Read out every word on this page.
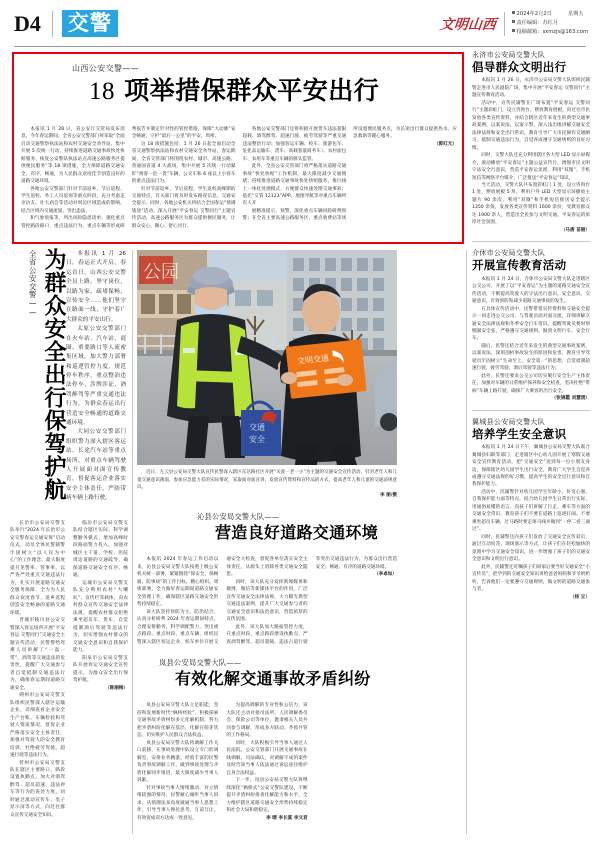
D4 交警	文明山西
2024年2月2日	星期五
责任编辑：苏红月
投稿邮箱：sxmzjs@163.com
山西公安交警——
18 项举措保群众平安出行

本报讯 1 月 28 日，省公安厅交管局发布消息，今年春运期间，全省公安交警部门将采取“全面启动交通警察执法站和农村交通安全劝导站、集中开展 5 次统一行动、持续推进道路交通事故快处快赔服务、恢复公安警队执法站点高速公路服务区提供便民服务”等 18 项措施，全力保障道路交通安全、有序、畅通，为人民群众欢度佳节创造良好的道路交通环境。

各地公安交警部门针对节前返乡、节后返程、学生返校、务工人员返岗等重点时段，充分考虑走亲访友、壮大庙会等活动对周边区域造成的影响，结合区域内交通流量、突出违法、

和气象预报等，列出风险隐患清单，强化重点管控路段路口，重点违法行为、重点车辆等形成研判报告并制定针对性的管控措施，保障“大动脉”安全畅通，守护“最后一公里”的平安，周密、

这 18 项措施包括：1 月 26 日起全面启动全省交通警察执法站和农村交通安全劝导站，春运期间，全省交管部门将围绕农村、城市、高速公路、普通国省道 4 大战场，集中开展 5 次统一行动紧盯“两客一危一货”车辆、公交车和 6 座以上小客车的重点违法行为。

针对节前返乡、节后返程、学生返校高峰期的交通特点，有关部门将及时发布路况信息、交通安全提示。同时，各地公安机关将结合全国春运“情满旅途”活动，深入开展“平安春运 交警同行”主题宣传活动，高速公路服务区为群众提供便民服务，让群众安心、顺心、舒心出行。

各地公安交警部门还将积极开展货车违法超限超载、酒驾醉驾、超速行驶、疲劳驾驶等严重交通违法整治行动；加强客运车辆、校车、旅游包车、危化品运输车、货车、高载客量商务车）、农村面包车、农用车等重点车辆的源头监管。

此外，全省公安交管部门将严格落实道路交通事故“快处快赔”工作机制，最大限度减少交通拥堵；持续推进道路交通事故快处快赔服务，推行线上一体化处理模式，方便群众快速处理交通事故；依托“交管 12123”APP、地图导航等对重点车辆所有人开

展精准提示、预警，深化重点车辆风险研判预警；在全省主要高速公路服务区、重点收费站等场所设置便民服务点，为长途出行群众提供热水、应急救助等暖心服务。

（郭红元）

为群众安全出行保驾护航
全省公安交警——	本报讯 1 月 26 日，春运正式开启。春运首日，山西公安交警全员上路，坚守岗位，以路为家，疏堵保畅，宣传安全……他们坚守在路面一线，守护着广大群众的平安出行。

太原公安交警部门在火车站、汽车站、商圈、重要路口等人流密集区域，加大警力部署和巡逻管控力度，规范停车秩序，重点整治违法停车、涉牌涉证、酒驾醉驾等严重交通违法行为，为群众春运出行营造安全畅通的道路交通环境。

大同公安交警部门组织警力深入辖区客运站、长途汽车站等重点场所，对重点车辆驾驶人开展面对面宣传教育，督促客运企业落实安全主体责任，严防带病车辆上路行驶。

公园
交通
安全
文明交通
近日，左云县公安局交警大队宣传民警深入辖区东达路社区开展“关爱一老一小”为主题的交通安全宣传活动，针对老年人和儿童交通意识薄弱，参加应急能力差的实际情况，采取面对面宣讲、发放宣传资料和宣传品的方式，提高老年人和儿童的交通法规意识。
李 丽/摄
沁县公安局交警大队——
营造良好道路交通环境

本报讯 2024 年春运工作启动以来，沁县公安局交警大队按照上级公安机关统一部署，紧紧围绕“保安全、保畅通、防事故”的工作目标，精心组织、周密部署，全力做好春运期间道路交通安全管理工作，确保辖区道路交通安全形势持续稳定。

该大队坚持预防为主、防治结合，认真分析研判 2024 年春运期间特点，合理安排勤务，科学调配警力，突出重点路段、重点时段、重点车辆，组织民警深入辖区客运企业、校车单位开展交通安全大检查，督促各单位落实安全主体责任，从源头上消除各类交通安全隐患。

同时，该大队充分发挥新闻媒体和微博、微信等新媒体平台的作用，广泛宣传交通安全法律法规，大力曝光典型交通违法案例，提升广大交通参与者的交通安全意识和法治意识，营造浓厚的宣传氛围。

此外，该大队加大路面管控力度，在重点时段、重点路段增设执勤点，严查酒驾醉驾、超员超载、违法占道行驶等突出交通违法行为，为群众出行营造安全、畅通、有序的道路交通环境。

（李卓如）

岚县公安局交警大队——
有效化解交通事故矛盾纠纷

岚县公安局交警大队立足职能，坚持和发展新时代“枫桥经验”，积极探索交通事故矛盾纠纷多元化解机制，努力把矛盾纠纷化解在基层、化解在萌芽状态，切实维护人民群众合法权益。

岚县公安局交警大队将调解工作关口前移，在事故处理中队设立专门的调解室，安排业务精湛、经验丰富的民警负责事故调解工作，做到事故处理与矛盾化解同步推进，最大限度减少当事人诉累。

针对事故当事人情绪激动、对立情绪较强的情况，民警耐心倾听当事人诉求，从情理法多角度做通当事人思想工作，引导当事人换位思考、互谅互让，有效促成双方达成一致意见。

为提高调解的专业性和公信力，该大队还主动对接司法所、人民调解委员会、保险公司等单位，邀请相关人员共同参与调解，形成多方联动、齐抓共管的工作格局。

同时，大队积极引导当事人通过人民法院、公安交管部门开展交通事故在线调解、司法确认，对调解不成的案件及时告知当事人依法通过诉讼途径维护自身合法权益。

下一步，岚县公安局交警大队将继续深化“枫桥式”公安交警队建设，不断提升矛盾纠纷排查化解能力和水平，全力维护辖区道路交通安全形势持续稳定和社会大局和谐稳定。

李 晴 李长富 李文君

长治市公安局交警支队举行“2024 年长治市公安交警春运交通安保”启动仪式，动员全体民警辅警牢固树立“以人民为中心”的工作理念，最大限度提升见警率、管事率，以严查严处重点交通违法行为，扎实开展道路交通安全服务保障，全力为人民群众欢度春节、返乡返程创造安全畅通的道路交通环境。

晋城市陵川县公安交警深入客运场所开展“平安春运 交警同行”交通安全主题宣传活动，民警警给驾乘人员讲解了“一盔一带”、酒驾等交通违法的危害性，提醒广大交通参与者自觉抵制交通违法行为，确保春运期间道路交通安全。

朔州市公安局交警支队组织民警深入辖区运输企业，详细查看企业安全生产台账、车辆检验和驾驶人资质情况，督促企业严格落实安全主体责任，加强对驾驶人的安全教育培训，杜绝疲劳驾驶、超速行驶等违法行为。

忻州市公安局交警支队在辖区主要路口、路段设置执勤点，加大对酒驾醉驾、超员超速、违法停车等行为的查处力度，同时通过流动宣传车、电子显示屏等方式，向过往群众宣传交通安全知识。

临汾市公安局交警支队结合辖区实际，科学调整勤务模式，增加高峰时段路面警力投入，加强对城区主干道、学校、医院周边道路的交通疏导，确保道路交通安全有序、畅通。

运城市公安局交警支队充分利用农村“大喇叭”、宣传栏等载体，向农村群众宣传交通安全法律法规，提醒农村群众拒绝乘坐超员车、货车，自觉抵制酒后驾驶等违法行为，切实增强农村群众的交通安全意识和自我保护能力。

阳泉市公安局交警支队开展春运交通安全宣传提示，为群众安全出行保驾护航。

（陈丽梅）

永济市公安局交警大队
倡导群众文明出行

本报讯 1 月 26 日，永济市公安局交警大队组织民辅警走进市人民剧院广场，集中开展“平安春运 交警同行”主题宣传教育活动。

活动中，宣传民辅警在广场布置“平安春运 交警同行”主题彩虹门，设立咨询台、摆放教育展板，向过往市民发放各类宣传资料，并结合辖区近年来发生的典型交通事故案例，以案说法、以案示警，深入浅出地讲解交通安全法律法规和安全出行常识，教育引导广大市民摒弃交通陋习，抵制交通违法行为，自觉养成遵守交通规则的良好习惯。

同时，交警大队还充分利用辖区各大型 LED 显示屏媒介，滚动播放“平安春运”主题公益宣传片，增强市民文明守法安全行意识，营造平安春运氛围，利用“双微”、手机短信等网络平台媒介，广泛推送“平安春运”知识。

当天活动，交警大队共布置彩虹门 1 处，设立咨询台 1 处，摆放展板 5 块，利用户外 LED 大型显示屏播放主题片 90 余次，利用“双微”和手机短信推送安全提示 1350 余条，发放各类宣传资料 1600 余份，受教育群众达 1900 余人，营造出全民参与文明交通、平安春运的浓厚社会氛围。

（马唐 苗丽）

介休市公安局交警大队
开展宣传教育活动

本报讯 1 月 24 日，介休市公安局交警大队走进辖区公交公司，开展了以“平安春运”为主题的道路交通安全宣传活动，不断提高驾驶人的守法出行意识、安全意识、交通意识，有效预防和减少道路交通事故的发生。

在具体宣传活动中，民警带着宣传资料和交通安全提示一同走进公交公司，与驾驶员面对面交流，详细讲解交通安全法律法规和冬季安全行车常识，提醒驾驶员要时刻绷紧安全弦，严格遵守交通规则，做到文明行车、安全行车。

随后，民警还结合近年来发生的典型交通事故案例，以案说法，深刻剖析事故发生的原因和危害，教育引导驾驶员牢固树立“生命至上、安全第一”的思想，自觉抵制超速行驶、疲劳驾驶、酒后驾驶等违法行为。

此外，民警还要求公交公司切实履行安全生产主体责任，加强对车辆的日常维护保养和安全检查，坚决杜绝“带病”车辆上路行驶，确保广大乘客的出行安全。

（张锦霞 刘慧清）

翼城县公安局交警大队
培养学生安全意识

本报讯 1 月 24 日下午，翼城县公安局交警大队联合翼城县妇联等部门，走进辖区中心幼儿园开展了寒假交通安全宣传教育活动，把“交通安全”送到每一位小朋友身边，保障辖区幼儿园学生出行安全，教育广大学生自觉养成遵守交通法规的好习惯，提高学生的安全出行意识和自我保护能力。

活动中，民辅警针对幼儿园学生年龄小、好奇心强、自我保护能力弱等特点，结合幼儿园学生日常出行实际，用通俗易懂的语言，向孩子们讲解了行走、乘车等方面的交通安全常识，教育孩子们不要在道路上追逐打闹、不要乘坐超员车辆，过马路时要走斑马线并做到“一停二看三通过”。

同时，民辅警还向孩子们发放了交通安全宣传彩页，通过互动问答、现场演示等方式，让孩子们在轻松愉快的氛围中学习交通安全知识，进一步增强了孩子们的交通安全意识和文明出行意识。

此外，民辅警还叮嘱孩子们回家后要当好交通安全“小宣传员”，把学到的交通安全知识讲给爸爸妈妈和爷爷奶奶听，告诉他们一定要遵守交通规则，做文明的道路交通参与者。

（杨 立）
